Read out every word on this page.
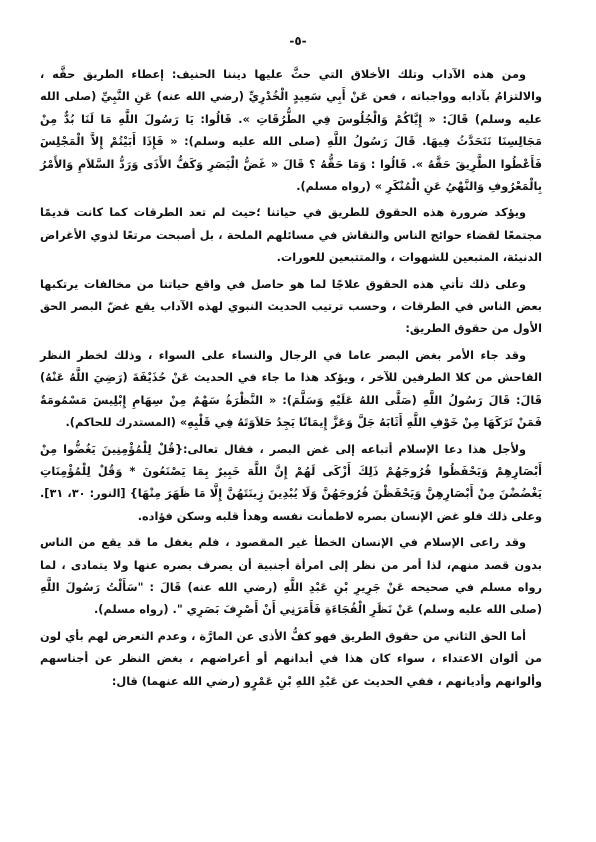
-٥-

ومن هذه الآداب وتلك الأخلاق التي حثَّ عليها ديننا الحنيف: إعطاء الطريق حقَّه ، والالتزامُ بآدابه وواجباته ، فعن عَنْ أَبِي سَعِيدٍ الْخُدْرِيِّ (رضي الله عنه) عَنِ النَّبِيِّ (صلى الله عليه وسلم) قَالَ: « إِيَّاكُمْ وَالْجُلُوسَ فِي الطُّرُقَاتِ ». قَالُوا: يَا رَسُولَ اللَّهِ مَا لَنَا بُدٌّ مِنْ مَجَالِسِنَا نَتَحَدَّثُ فِيهَا. قَالَ رَسُولُ اللَّهِ (صلى الله عليه وسلم): « فَإِذَا أَبَيْتُمْ إِلاَّ الْمَجْلِسَ فَأَعْطُوا الطَّرِيقَ حَقَّهُ ». قَالُوا : وَمَا حَقُّهُ ؟ قَالَ « غَضُّ الْبَصَرِ وَكَفُّ الأَذَى وَرَدُّ السَّلاَمِ وَالأَمْرُ بِالْمَعْرُوفِ وَالنَّهْيُ عَنِ الْمُنْكَرِ » (رواه مسلم).

ويؤكد ضرورة هذه الحقوق للطريق في حياتنا ؛حيث لم تعد الطرقات كما كانت قديمًا مجتمعًا لقضاء حوائج الناس والنقاش في مسائلهم الملحة ، بل أصبحت مرتعًا لذوي الأغراض الدنيئة، المتبعين للشهوات ، والمتتبعين للعورات.

وعلى ذلك تأتي هذه الحقوق علاجًا لما هو حاصل في واقع حياتنا من مخالفات يرتكبها بعض الناس في الطرقات ، وحسب ترتيب الحديث النبوي لهذه الآداب يقع غضّ البصر الحق الأول من حقوق الطريق:

وقد جاء الأمر بغض البصر عاما في الرجال والنساء على السواء ، وذلك لخطر النظر الفاحش من كلا الطرفين للآخر ، ويؤكد هذا ما جاء في الحديث عَنْ حُذَيْفَةَ (رَضِيَ اللَّهُ عَنْهُ) قَالَ: قَالَ رَسُولُ اللَّهِ (صَلَّى اللهُ عَلَيْهِ وَسَلَّمَ): « النَّظْرَةُ سَهْمٌ مِنْ سِهَامِ إِبْلِيسَ مَسْمُومَةٌ فَمَنْ تَرَكَهَا مِنْ خَوْفِ اللَّهِ أَثَابَهُ جَلَّ وَعَزَّ إِيمَانًا يَجِدُ حَلاَوَتَهُ فِي قَلْبِهِ» (المستدرك للحاكم).

ولأجل هذا دعا الإسلام أتباعه إلى غض البصر ، فقال تعالى:{قُلْ لِلْمُؤْمِنِينَ يَغُضُّوا مِنْ أَبْصَارِهِمْ وَيَحْفَظُوا فُرُوجَهُمْ ذَلِكَ أَزْكَى لَهُمْ إِنَّ اللَّهَ خَبِيرٌ بِمَا يَصْنَعُونَ * وَقُلْ لِلْمُؤْمِنَاتِ يَغْضُضْنَ مِنْ أَبْصَارِهِنَّ وَيَحْفَظْنَ فُرُوجَهُنَّ وَلَا يُبْدِينَ زِينَتَهُنَّ إِلَّا مَا ظَهَرَ مِنْهَا} [النور: ٣٠، ٣١]. وعلى ذلك فلو غض الإنسان بصره لاطمأنت نفسه وهدأ قلبه وسكن فؤاده.

وقد راعى الإسلام في الإنسان الخطأ غير المقصود ، فلم يغفل ما قد يقع من الناس بدون قصد منهم، لذا أمر من نظر إلى امرأة أجنبية أن يصرف بصره عنها ولا يتمادى ، لما رواه مسلم في صحيحه عَنْ جَرِيرِ بْنِ عَبْدِ اللَّهِ (رضي الله عنه) قَالَ : "سَأَلْتُ رَسُولَ اللَّهِ (صلى الله عليه وسلم) عَنْ نَظَرِ الْفُجَاءَةِ فَأَمَرَنِي أَنْ أَصْرِفَ بَصَرِي ". (رواه مسلم).

أما الحق الثاني من حقوق الطريق فهو كفُّ الأذى عن المارَّة ، وعدم التعرض لهم بأي لون من ألوان الاعتداء ، سواء كان هذا في أبدانهم أو أعراضهم ، بغض النظر عن أجناسهم وألوانهم وأديانهم ، ففي الحديث عن عَبْدِ اللهِ بْنِ عَمْرٍو (رضي الله عنهما) قال:
